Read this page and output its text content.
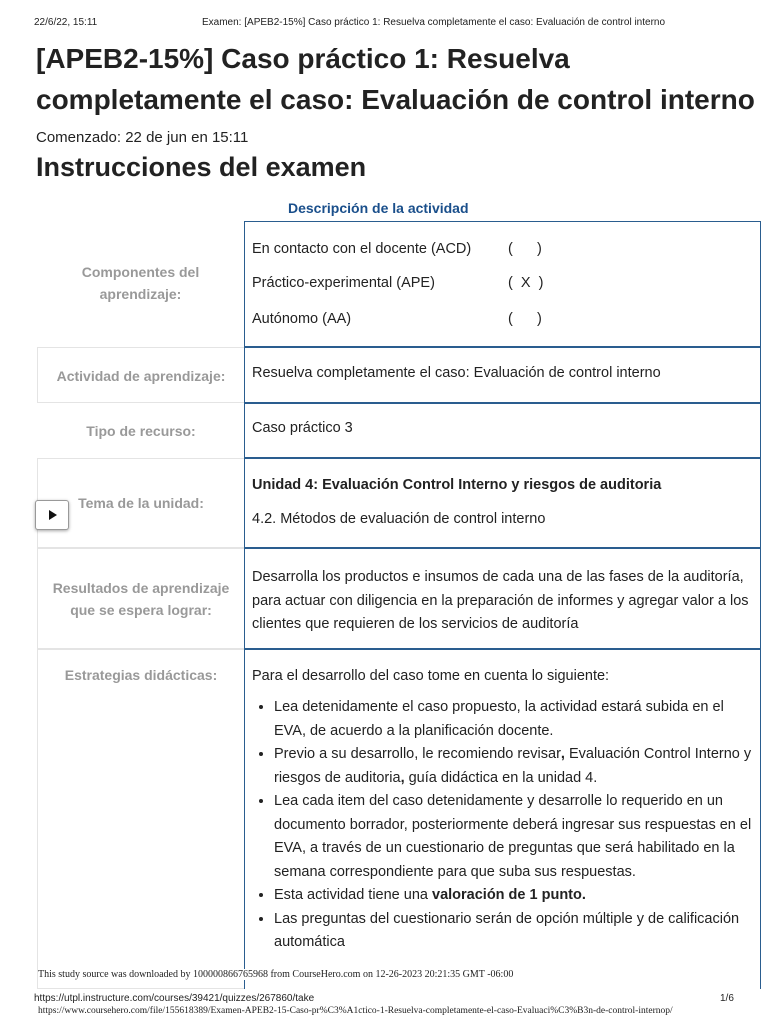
22/6/22, 15:11	Examen: [APEB2-15%] Caso práctico 1: Resuelva completamente el caso: Evaluación de control interno
[APEB2-15%] Caso práctico 1: Resuelva completamente el caso: Evaluación de control interno
Comenzado: 22 de jun en 15:11
Instrucciones del examen
Descripción de la actividad
Componentes del aprendizaje:
En contacto con el docente (ACD)	(      )
Práctico-experimental (APE)	(  X  )
Autónomo (AA)	(      )
Actividad de aprendizaje:	Resuelva completamente el caso: Evaluación de control interno
Tipo de recurso:	Caso práctico 3
Tema de la unidad:
Unidad 4: Evaluación Control Interno y riesgos de auditoria
4.2. Métodos de evaluación de control interno
Resultados de aprendizaje que se espera lograr:
Desarrolla los productos e insumos de cada una de las fases de la auditoría, para actuar con diligencia en la preparación de informes y agregar valor a los clientes que requieren de los servicios de auditoría
Estrategias didácticas:	Para el desarrollo del caso tome en cuenta lo siguiente:
• Lea detenidamente el caso propuesto, la actividad estará subida en el EVA, de acuerdo a la planificación docente.
• Previo a su desarrollo, le recomiendo revisar, Evaluación Control Interno y riesgos de auditoria, guía didáctica en la unidad 4.
• Lea cada item del caso detenidamente y desarrolle lo requerido en un documento borrador, posteriormente deberá ingresar sus respuestas en el EVA, a través de un cuestionario de preguntas que será habilitado en la semana correspondiente para que suba sus respuestas.
• Esta actividad tiene una valoración de 1 punto.
• Las preguntas del cuestionario serán de opción múltiple y de calificación automática
This study source was downloaded by 100000866765968 from CourseHero.com on 12-26-2023 20:21:35 GMT -06:00
https://utpl.instructure.com/courses/39421/quizzes/267860/take	1/6
https://www.coursehero.com/file/155618389/Examen-APEB2-15-Caso-pr%C3%A1ctico-1-Resuelva-completamente-el-caso-Evaluaci%C3%B3n-de-control-internop/
